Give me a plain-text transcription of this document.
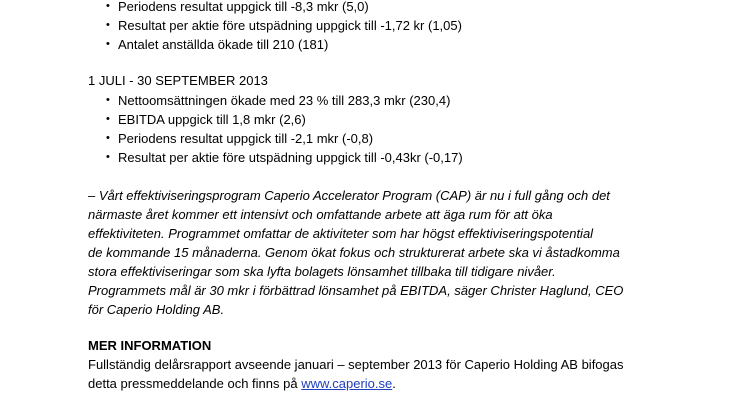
• Periodens resultat uppgick till -8,3 mkr (5,0)
• Resultat per aktie före utspädning uppgick till -1,72 kr (1,05)
• Antalet anställda ökade till 210 (181)
1 JULI - 30 SEPTEMBER 2013
• Nettoomsättningen ökade med 23 % till 283,3 mkr (230,4)
• EBITDA uppgick till 1,8 mkr (2,6)
• Periodens resultat uppgick till -2,1 mkr (-0,8)
• Resultat per aktie före utspädning uppgick till -0,43kr (-0,17)
– Vårt effektiviseringsprogram Caperio Accelerator Program (CAP) är nu i full gång och det
närmaste året kommer ett intensivt och omfattande arbete att äga rum för att öka
effektiviteten. Programmet omfattar de aktiviteter som har högst effektiviseringspotential
de kommande 15 månaderna. Genom ökat fokus och strukturerat arbete ska vi åstadkomma
stora effektiviseringar som ska lyfta bolagets lönsamhet tillbaka till tidigare nivåer.
Programmets mål är 30 mkr i förbättrad lönsamhet på EBITDA, säger Christer Haglund, CEO
för Caperio Holding AB.
MER INFORMATION
Fullständig delårsrapport avseende januari – september 2013 för Caperio Holding AB bifogas
detta pressmeddelande och finns på www.caperio.se.
